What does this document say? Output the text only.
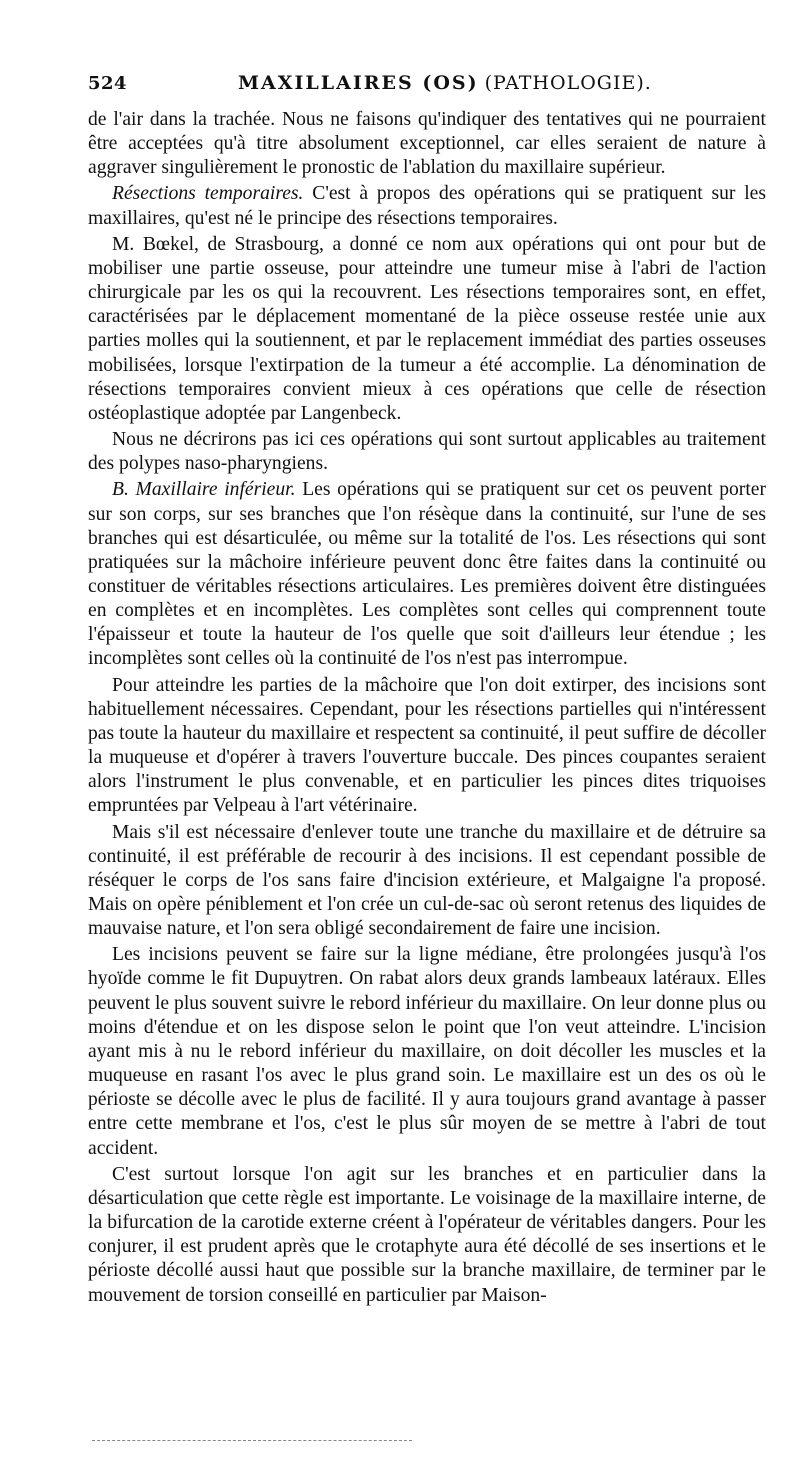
524	MAXILLAIRES (OS) (PATHOLOGIE).

de l'air dans la trachée. Nous ne faisons qu'indiquer des tentatives qui ne pourraient être acceptées qu'à titre absolument exceptionnel, car elles seraient de nature à aggraver singulièrement le pronostic de l'ablation du maxillaire supérieur.

Résections temporaires. C'est à propos des opérations qui se pratiquent sur les maxillaires, qu'est né le principe des résections temporaires.

M. Bœkel, de Strasbourg, a donné ce nom aux opérations qui ont pour but de mobiliser une partie osseuse, pour atteindre une tumeur mise à l'abri de l'action chirurgicale par les os qui la recouvrent. Les résections temporaires sont, en effet, caractérisées par le déplacement momentané de la pièce osseuse restée unie aux parties molles qui la soutiennent, et par le replacement immédiat des parties osseuses mobilisées, lorsque l'extirpation de la tumeur a été accomplie. La dénomination de résections temporaires convient mieux à ces opérations que celle de résection ostéoplastique adoptée par Langenbeck.

Nous ne décrirons pas ici ces opérations qui sont surtout applicables au traitement des polypes naso-pharyngiens.

B. Maxillaire inférieur. Les opérations qui se pratiquent sur cet os peuvent porter sur son corps, sur ses branches que l'on résèque dans la continuité, sur l'une de ses branches qui est désarticulée, ou même sur la totalité de l'os. Les résections qui sont pratiquées sur la mâchoire inférieure peuvent donc être faites dans la continuité ou constituer de véritables résections articulaires. Les premières doivent être distinguées en complètes et en incomplètes. Les complètes sont celles qui comprennent toute l'épaisseur et toute la hauteur de l'os quelle que soit d'ailleurs leur étendue ; les incomplètes sont celles où la continuité de l'os n'est pas interrompue.

Pour atteindre les parties de la mâchoire que l'on doit extirper, des incisions sont habituellement nécessaires. Cependant, pour les résections partielles qui n'intéressent pas toute la hauteur du maxillaire et respectent sa continuité, il peut suffire de décoller la muqueuse et d'opérer à travers l'ouverture buccale. Des pinces coupantes seraient alors l'instrument le plus convenable, et en particulier les pinces dites triquoises empruntées par Velpeau à l'art vétérinaire.

Mais s'il est nécessaire d'enlever toute une tranche du maxillaire et de détruire sa continuité, il est préférable de recourir à des incisions. Il est cependant possible de réséquer le corps de l'os sans faire d'incision extérieure, et Malgaigne l'a proposé. Mais on opère péniblement et l'on crée un cul-de-sac où seront retenus des liquides de mauvaise nature, et l'on sera obligé secondairement de faire une incision.

Les incisions peuvent se faire sur la ligne médiane, être prolongées jusqu'à l'os hyoïde comme le fit Dupuytren. On rabat alors deux grands lambeaux latéraux. Elles peuvent le plus souvent suivre le rebord inférieur du maxillaire. On leur donne plus ou moins d'étendue et on les dispose selon le point que l'on veut atteindre. L'incision ayant mis à nu le rebord inférieur du maxillaire, on doit décoller les muscles et la muqueuse en rasant l'os avec le plus grand soin. Le maxillaire est un des os où le périoste se décolle avec le plus de facilité. Il y aura toujours grand avantage à passer entre cette membrane et l'os, c'est le plus sûr moyen de se mettre à l'abri de tout accident.

C'est surtout lorsque l'on agit sur les branches et en particulier dans la désarticulation que cette règle est importante. Le voisinage de la maxillaire interne, de la bifurcation de la carotide externe créent à l'opérateur de véritables dangers. Pour les conjurer, il est prudent après que le crotaphyte aura été décollé de ses insertions et le périoste décollé aussi haut que possible sur la branche maxillaire, de terminer par le mouvement de torsion conseillé en particulier par Maison-
